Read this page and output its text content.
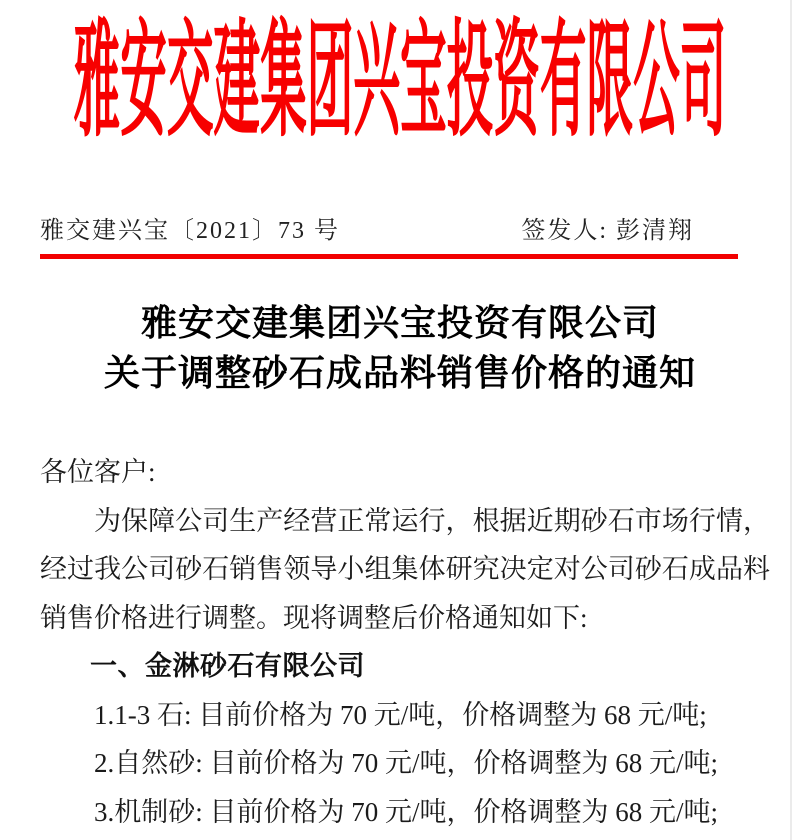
雅安交建集团兴宝投资有限公司
雅交建兴宝〔2021〕73 号	签发人: 彭清翔
雅安交建集团兴宝投资有限公司
关于调整砂石成品料销售价格的通知
各位客户:
为保障公司生产经营正常运行，根据近期砂石市场行情，经过我公司砂石销售领导小组集体研究决定对公司砂石成品料销售价格进行调整。现将调整后价格通知如下:
一、金淋砂石有限公司
1.1-3 石: 目前价格为 70 元/吨，价格调整为 68 元/吨;
2.自然砂: 目前价格为 70 元/吨，价格调整为 68 元/吨;
3.机制砂: 目前价格为 70 元/吨，价格调整为 68 元/吨;
